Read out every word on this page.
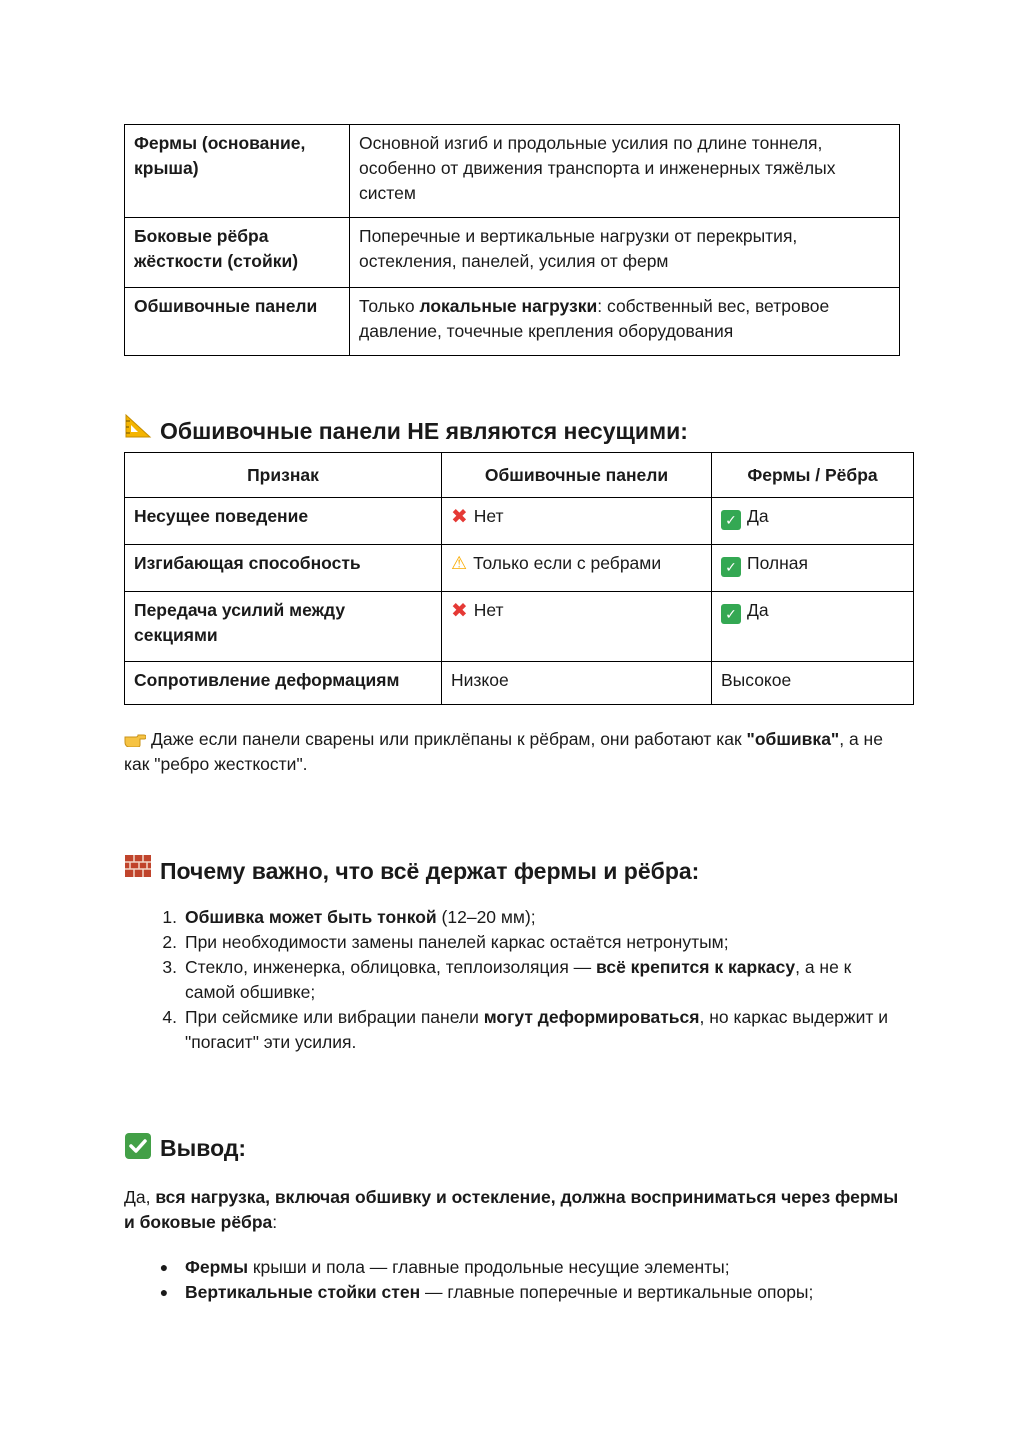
Фермы (основание, крыша)	Основной изгиб и продольные усилия по длине тоннеля, особенно от движения транспорта и инженерных тяжёлых систем
Боковые рёбра жёсткости (стойки)	Поперечные и вертикальные нагрузки от перекрытия, остекления, панелей, усилия от ферм
Обшивочные панели	Только локальные нагрузки: собственный вес, ветровое давление, точечные крепления оборудования
Обшивочные панели НЕ являются несущими:
Признак	Обшивочные панели	Фермы / Рёбра
Несущее поведение	✖ Нет	✓ Да
Изгибающая способность	⚠ Только если с ребрами	✓ Полная
Передача усилий между секциями	✖ Нет	✓ Да
Сопротивление деформациям	Низкое	Высокое
Даже если панели сварены или приклёпаны к рёбрам, они работают как "обшивка", а не как "ребро жесткости".
Почему важно, что всё держат фермы и рёбра:
1. Обшивка может быть тонкой (12–20 мм);
2. При необходимости замены панелей каркас остаётся нетронутым;
3. Стекло, инженерка, облицовка, теплоизоляция — всё крепится к каркасу, а не к самой обшивке;
4. При сейсмике или вибрации панели могут деформироваться, но каркас выдержит и "погасит" эти усилия.
Вывод:
Да, вся нагрузка, включая обшивку и остекление, должна восприниматься через фермы и боковые рёбра:
● Фермы крыши и пола — главные продольные несущие элементы;
● Вертикальные стойки стен — главные поперечные и вертикальные опоры;
